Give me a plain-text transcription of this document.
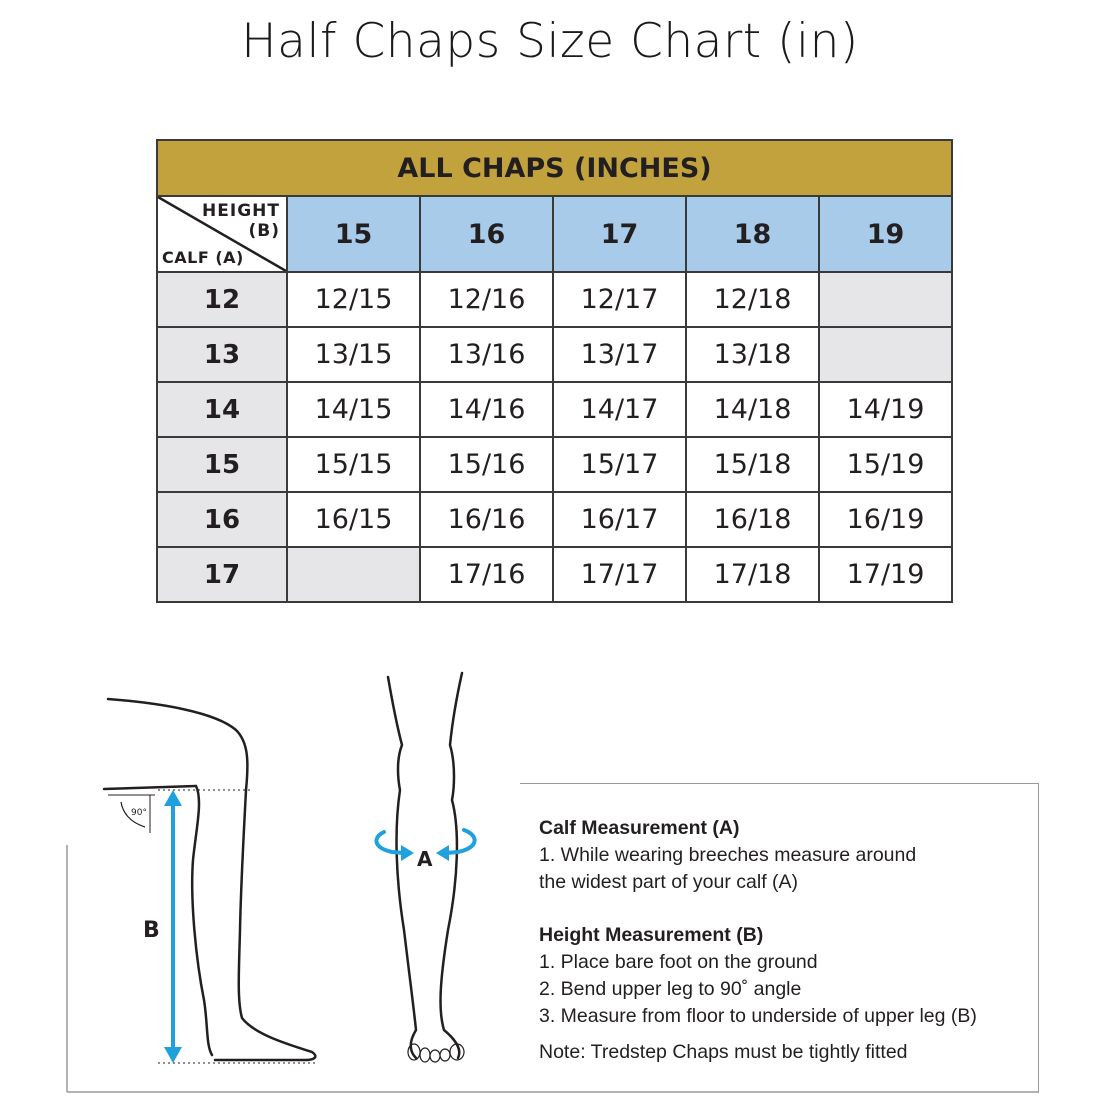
Half Chaps Size Chart (in)
ALL CHAPS (INCHES)					

HEIGHT
(B)
CALF (A)	15	16	17	18	19
12	12/15	12/16	12/17	12/18	
13	13/15	13/16	13/17	13/18	
14	14/15	14/16	14/17	14/18	14/19
15	15/15	15/16	15/17	15/18	15/19
16	16/15	16/16	16/17	16/18	16/19
17		17/16	17/17	17/18	17/19
90°
B
A
Calf Measurement (A)
1. While wearing breeches measure around
the widest part of your calf (A)
Height Measurement (B)
1. Place bare foot on the ground
2. Bend upper leg to 90˚ angle
3. Measure from floor to underside of upper leg (B)
Note: Tredstep Chaps must be tightly fitted
